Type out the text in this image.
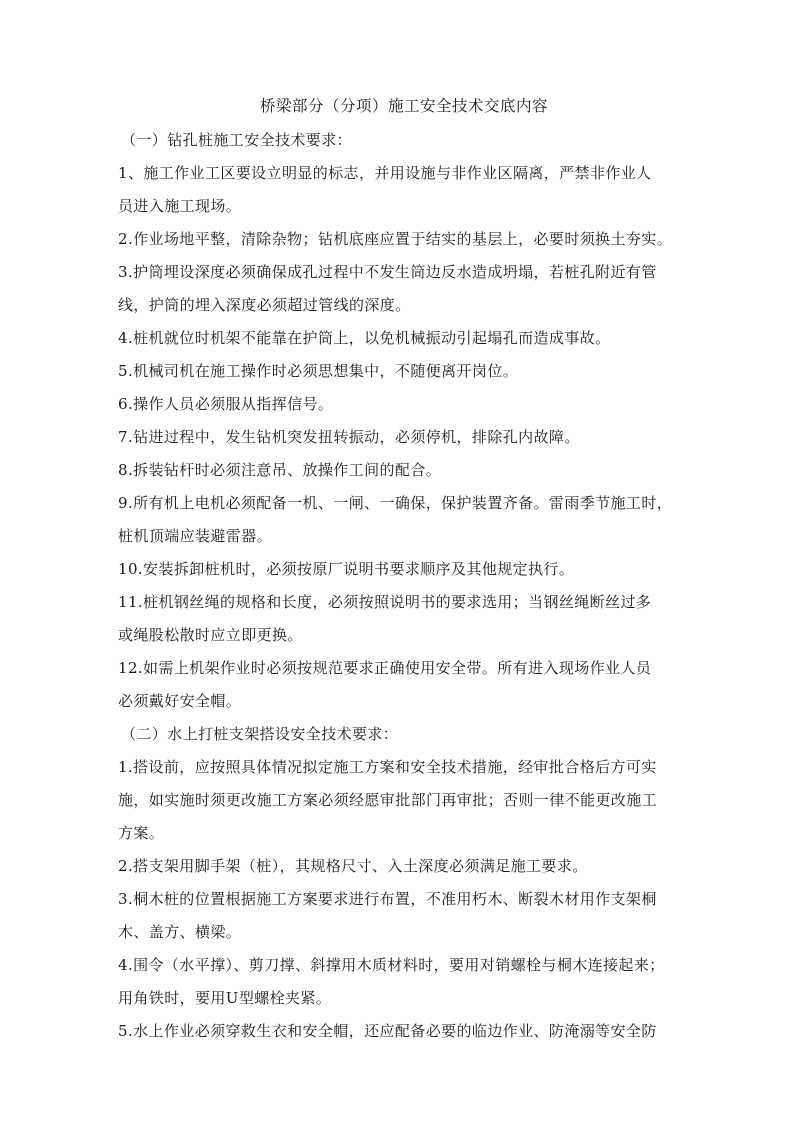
桥梁部分（分项）施工安全技术交底内容
（一）钻孔桩施工安全技术要求：
1、施工作业工区要设立明显的标志，并用设施与非作业区隔离，严禁非作业人
员进入施工现场。
2.作业场地平整，清除杂物；钻机底座应置于结实的基层上，必要时须换土夯实。
3.护筒埋设深度必须确保成孔过程中不发生筒边反水造成坍塌，若桩孔附近有管
线，护筒的埋入深度必须超过管线的深度。
4.桩机就位时机架不能靠在护筒上，以免机械振动引起塌孔而造成事故。
5.机械司机在施工操作时必须思想集中，不随便离开岗位。
6.操作人员必须服从指挥信号。
7.钻进过程中，发生钻机突发扭转振动，必须停机，排除孔内故障。
8.拆装钻杆时必须注意吊、放操作工间的配合。
9.所有机上电机必须配备一机、一闸、一确保，保护装置齐备。雷雨季节施工时，
桩机顶端应装避雷器。
10.安装拆卸桩机时，必须按原厂说明书要求顺序及其他规定执行。
11.桩机钢丝绳的规格和长度，必须按照说明书的要求选用；当钢丝绳断丝过多
或绳股松散时应立即更换。
12.如需上机架作业时必须按规范要求正确使用安全带。所有进入现场作业人员
必须戴好安全帽。
（二）水上打桩支架搭设安全技术要求：
1.搭设前，应按照具体情况拟定施工方案和安全技术措施，经审批合格后方可实
施，如实施时须更改施工方案必须经愿审批部门再审批；否则一律不能更改施工
方案。
2.搭支架用脚手架（桩），其规格尺寸、入土深度必须满足施工要求。
3.桐木桩的位置根据施工方案要求进行布置，不准用朽木、断裂木材用作支架桐
木、盖方、横梁。
4.围令（水平撑）、剪刀撑、斜撑用木质材料时，要用对销螺栓与桐木连接起来；
用角铁时，要用U型螺栓夹紧。
5.水上作业必须穿救生衣和安全帽，还应配备必要的临边作业、防淹溺等安全防
